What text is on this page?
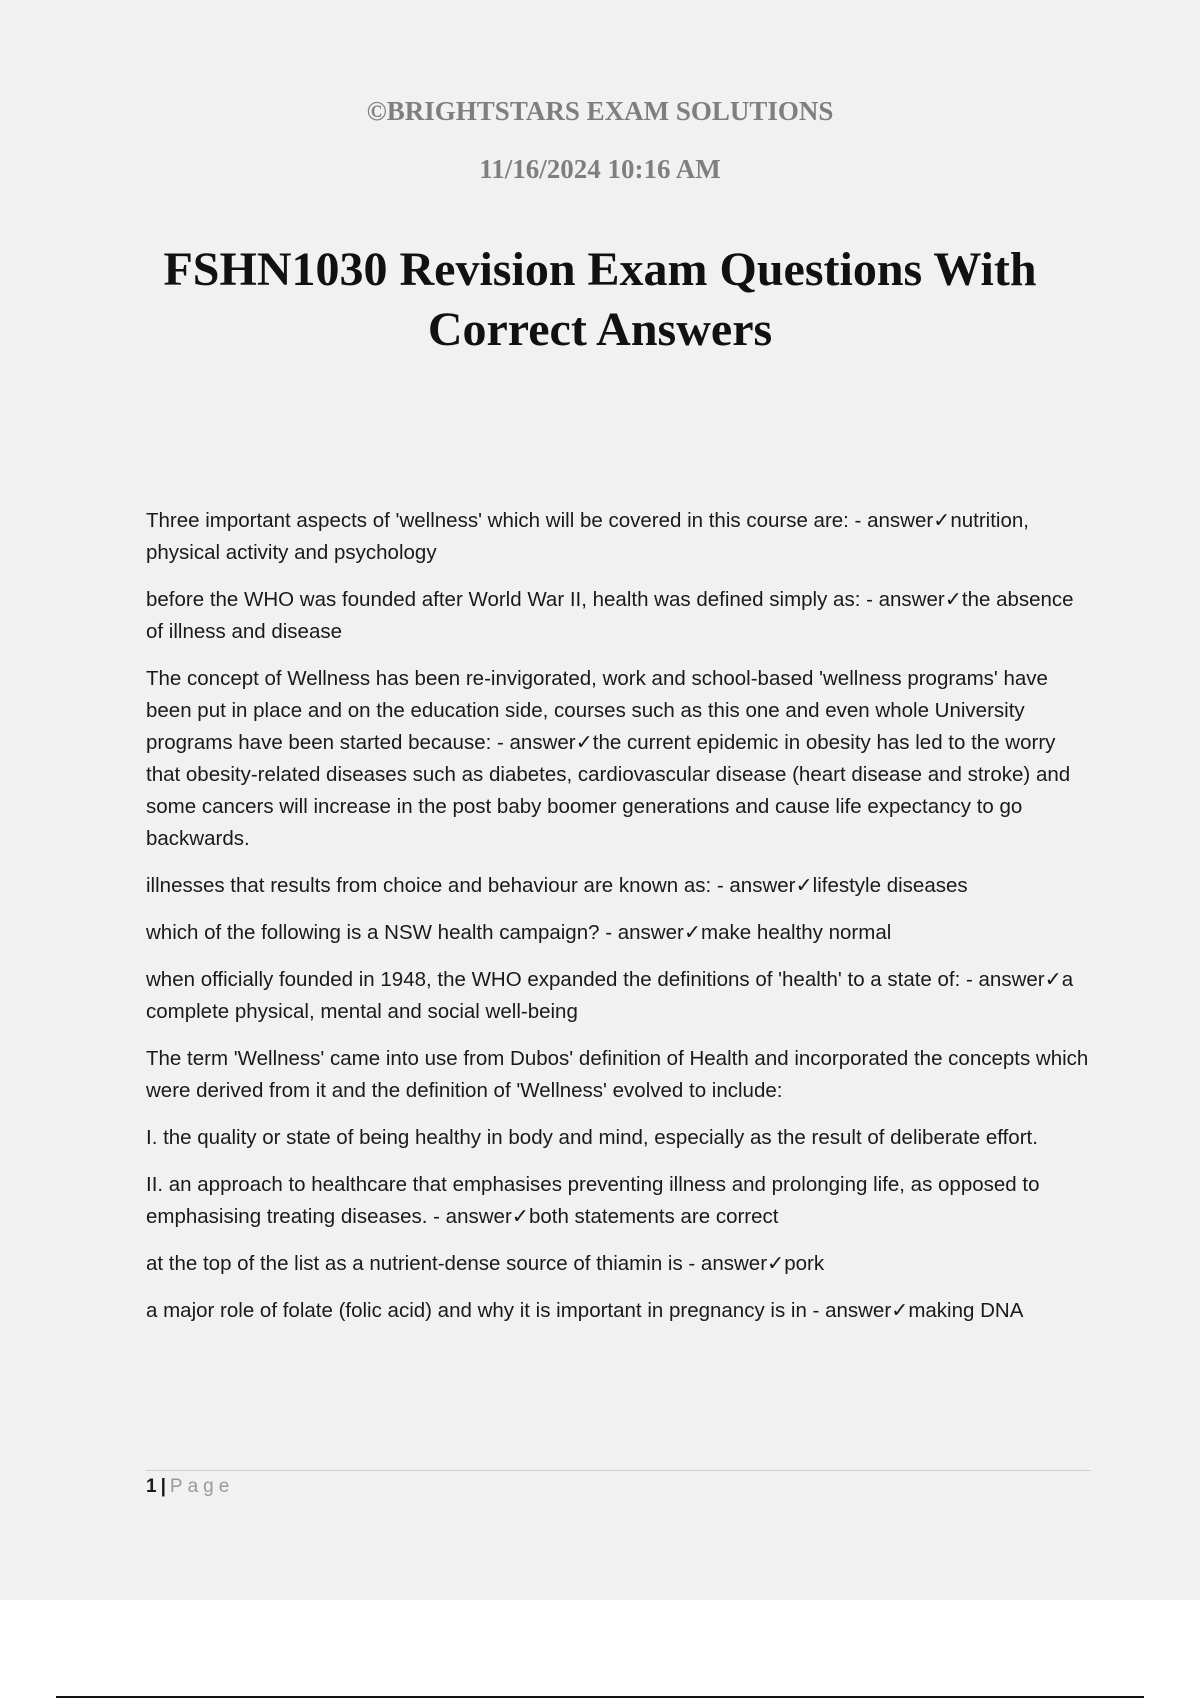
©BRIGHTSTARS EXAM SOLUTIONS
11/16/2024 10:16 AM
FSHN1030 Revision Exam Questions With
Correct Answers

Three important aspects of 'wellness' which will be covered in this course are: - answer✓nutrition, physical activity and psychology

before the WHO was founded after World War II, health was defined simply as: - answer✓the absence of illness and disease

The concept of Wellness has been re-invigorated, work and school-based 'wellness programs' have been put in place and on the education side, courses such as this one and even whole University programs have been started because: - answer✓the current epidemic in obesity has led to the worry that obesity-related diseases such as diabetes, cardiovascular disease (heart disease and stroke) and some cancers will increase in the post baby boomer generations and cause life expectancy to go backwards.

illnesses that results from choice and behaviour are known as: - answer✓lifestyle diseases

which of the following is a NSW health campaign? - answer✓make healthy normal

when officially founded in 1948, the WHO expanded the definitions of 'health' to a state of: - answer✓a complete physical, mental and social well-being

The term 'Wellness' came into use from Dubos' definition of Health and incorporated the concepts which were derived from it and the definition of 'Wellness' evolved to include:

I. the quality or state of being healthy in body and mind, especially as the result of deliberate effort.

II. an approach to healthcare that emphasises preventing illness and prolonging life, as opposed to emphasising treating diseases. - answer✓both statements are correct

at the top of the list as a nutrient-dense source of thiamin is - answer✓pork

a major role of folate (folic acid) and why it is important in pregnancy is in - answer✓making DNA

1 | Page
